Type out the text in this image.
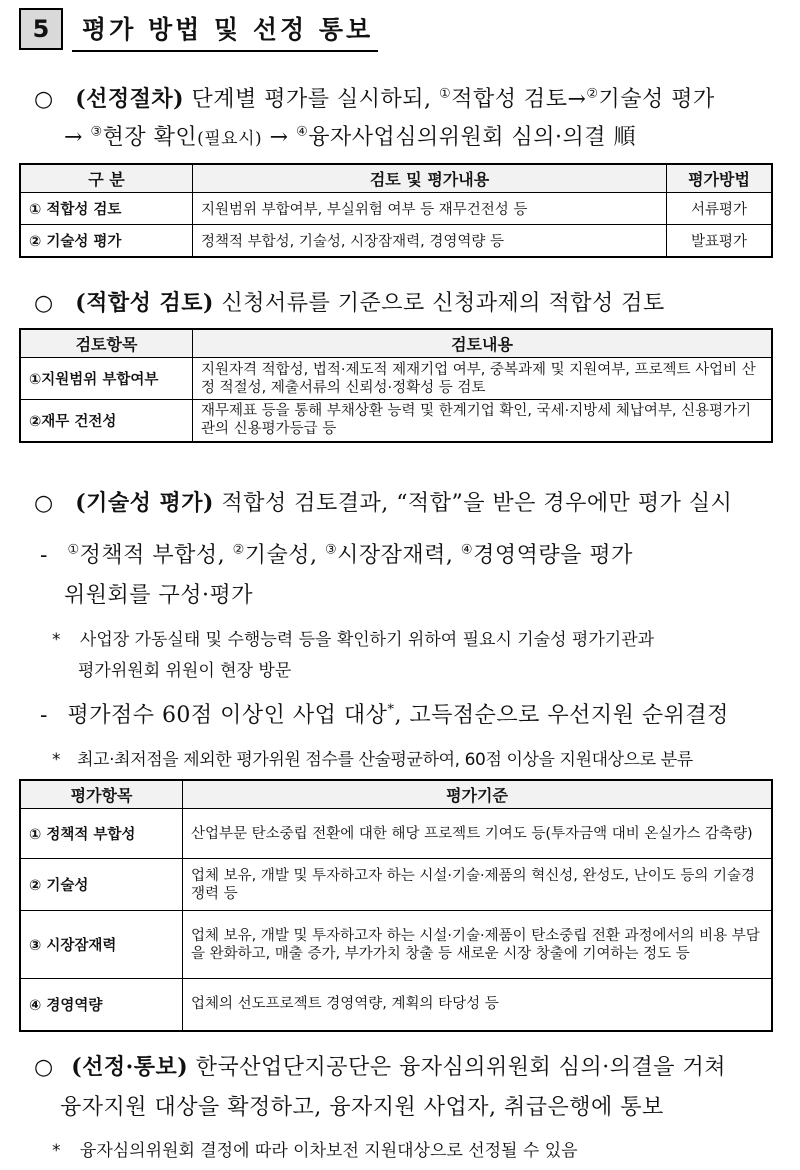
5	평가 방법 및 선정 통보
○ (선정절차) 단계별 평가를 실시하되, ①적합성 검토→②기술성 평가
→ ③현장 확인(필요시) → ④융자사업심의위원회 심의·의결 順
구 분	검토 및 평가내용	평가방법
① 적합성 검토	지원범위 부합여부, 부실위험 여부 등 재무건전성 등	서류평가
② 기술성 평가	정책적 부합성, 기술성, 시장잠재력, 경영역량 등	발표평가
○ (적합성 검토) 신청서류를 기준으로 신청과제의 적합성 검토
검토항목	검토내용
①지원범위 부합여부	지원자격 적합성, 법적·제도적 제재기업 여부, 중복과제 및 지원여부, 프로젝트 사업비 산정 적절성, 제출서류의 신뢰성·정확성 등 검토
②재무 건전성	재무제표 등을 통해 부채상환 능력 및 한계기업 확인, 국세·지방세 체납여부, 신용평가기관의 신용평가등급 등
○ (기술성 평가) 적합성 검토결과, “적합”을 받은 경우에만 평가 실시
- ①정책적 부합성, ②기술성, ③시장잠재력, ④경영역량을 평가
위원회를 구성·평가
* 사업장 가동실태 및 수행능력 등을 확인하기 위하여 필요시 기술성 평가기관과
평가위원회 위원이 현장 방문
- 평가점수 60점 이상인 사업 대상*, 고득점순으로 우선지원 순위결정
* 최고·최저점을 제외한 평가위원 점수를 산술평균하여, 60점 이상을 지원대상으로 분류
평가항목	평가기준
① 정책적 부합성	산업부문 탄소중립 전환에 대한 해당 프로젝트 기여도 등(투자금액 대비 온실가스 감축량)
② 기술성	업체 보유, 개발 및 투자하고자 하는 시설·기술·제품의 혁신성, 완성도, 난이도 등의 기술경쟁력 등
③ 시장잠재력	업체 보유, 개발 및 투자하고자 하는 시설·기술·제품이 탄소중립 전환 과정에서의 비용 부담을 완화하고, 매출 증가, 부가가치 창출 등 새로운 시장 창출에 기여하는 정도 등
④ 경영역량	업체의 선도프로젝트 경영역량, 계획의 타당성 등
○ (선정·통보) 한국산업단지공단은 융자심의위원회 심의·의결을 거쳐
융자지원 대상을 확정하고, 융자지원 사업자, 취급은행에 통보
* 융자심의위원회 결정에 따라 이차보전 지원대상으로 선정될 수 있음
